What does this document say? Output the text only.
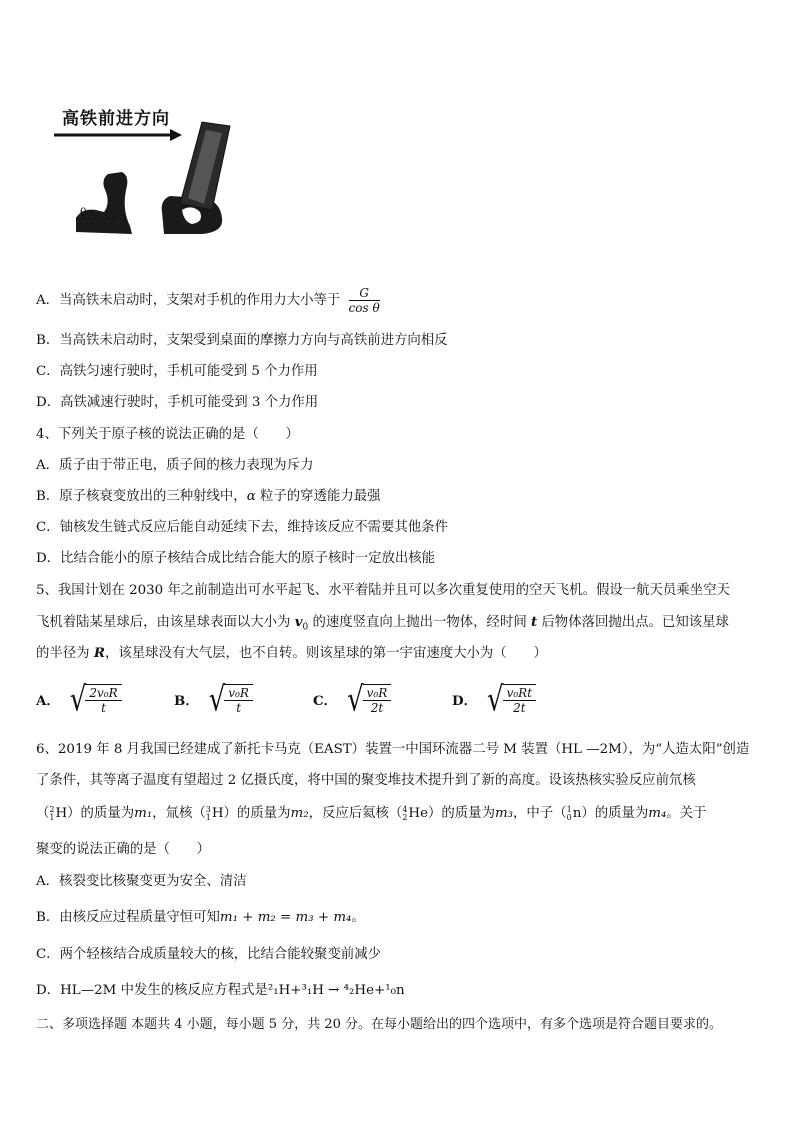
高铁前进方向
θ
A．当高铁未启动时，支架对手机的作用力大小等于 $\frac{G}{\text{cos θ}}$
B．当高铁未启动时，支架受到桌面的摩擦力方向与高铁前进方向相反
C．高铁匀速行驶时，手机可能受到 5 个力作用
D．高铁减速行驶时，手机可能受到 3 个力作用
4、下列关于原子核的说法正确的是（　　）
A．质子由于带正电，质子间的核力表现为斥力
B．原子核衰变放出的三种射线中，α 粒子的穿透能力最强
C．铀核发生链式反应后能自动延续下去，维持该反应不需要其他条件
D．比结合能小的原子核结合成比结合能大的原子核时一定放出核能
5、我国计划在 2030 年之前制造出可水平起飞、水平着陆并且可以多次重复使用的空天飞机。假设一航天员乘坐空天
飞机着陆某星球后，由该星球表面以大小为 $v_0$ 的速度竖直向上抛出一物体，经时间 t 后物体落回抛出点。已知该星球
的半径为 R，该星球没有大气层，也不自转。则该星球的第一宇宙速度大小为（　　）
A． √ $\frac{\text{2v₀R}}{t}$	B． √ $\frac{\text{v₀R}}{t}$	C． √ $\frac{\text{v₀R}}{2t}$	D． √ $\frac{\text{v₀Rt}}{2t}$
6、2019 年 8 月我国已经建成了新托卡马克（EAST）装置一中国环流器二号 M 装置（HL —2M），为“人造太阳”创造
了条件，其等离子温度有望超过 2 亿摄氏度，将中国的聚变堆技术提升到了新的高度。设该热核实验反应前氘核
（ 2
1 H）的质量为m₁，氚核（ 3
1 H）的质量为m₂，反应后氦核（ 4
2 He）的质量为m₃，中子（ 1
0 n）的质量为m₄。关于
聚变的说法正确的是（　　）
A．核裂变比核聚变更为安全、清洁
B．由核反应过程质量守恒可知m₁ + m₂ = m₃ + m₄。
C．两个轻核结合成质量较大的核，比结合能较聚变前减少
D．HL—2M 中发生的核反应方程式是²₁H+³₁H → ⁴₂He+¹₀n
二、多项选择题 本题共 4 小题，每小题 5 分，共 20 分。在每小题给出的四个选项中，有多个选项是符合题目要求的。
